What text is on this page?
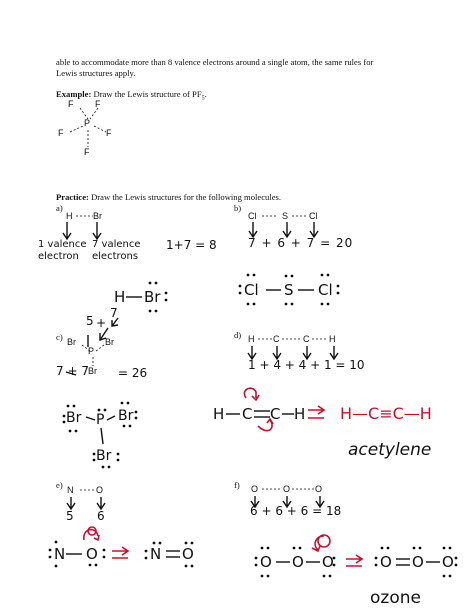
able to accommodate more than 8 valence electrons around a single atom, the same rules for
Lewis structures apply.
Example: Draw the Lewis structure of $PF_5$.
F F
P
F	F
F
Practice: Draw the Lewis structures for the following molecules.
a)
H Br
1 valence
electron
7 valence
electrons
1+7 = 8
H Br
b)
Cl	S Cl
7 + 6 + 7 = 20
Cl S Cl
c)
5 +
7
Br
P
Br
Br
7 + 7 = 26
Br P Br
Br
d) H C	C H
1 + 4 + 4 + 1 = 10
H C C H H—C≡C—H
acetylene
e) N	O
5 6
N O	N O
f) O	O	O
6 + 6 + 6 = 18
O O O	O O O
ozone
